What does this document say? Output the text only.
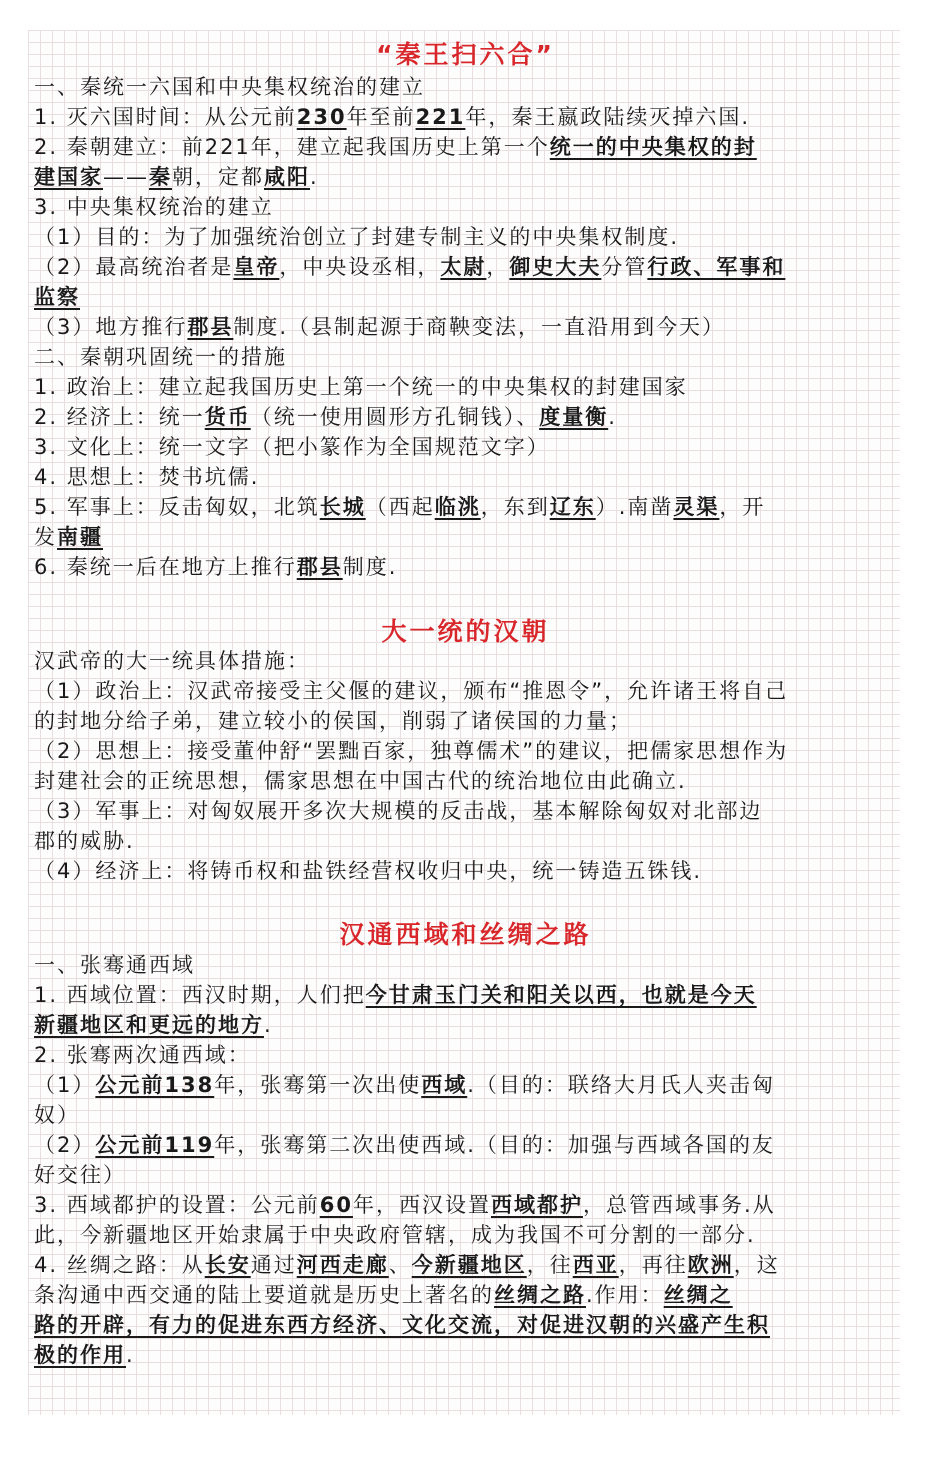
“秦王扫六合”
一、秦统一六国和中央集权统治的建立
1. 灭六国时间：从公元前230年至前221年，秦王嬴政陆续灭掉六国.
2. 秦朝建立：前221年，建立起我国历史上第一个统一的中央集权的封
建国家——秦朝，定都咸阳.
3. 中央集权统治的建立
（1）目的：为了加强统治创立了封建专制主义的中央集权制度.
（2）最高统治者是皇帝，中央设丞相，太尉，御史大夫分管行政、军事和
监察
（3）地方推行郡县制度.（县制起源于商鞅变法，一直沿用到今天）
二、秦朝巩固统一的措施
1. 政治上：建立起我国历史上第一个统一的中央集权的封建国家
2. 经济上：统一货币（统一使用圆形方孔铜钱）、度量衡.
3. 文化上：统一文字（把小篆作为全国规范文字）
4. 思想上：焚书坑儒.
5. 军事上：反击匈奴，北筑长城（西起临洮，东到辽东）.南凿灵渠，开
发南疆
6. 秦统一后在地方上推行郡县制度.
大一统的汉朝
汉武帝的大一统具体措施：
（1）政治上：汉武帝接受主父偃的建议，颁布“推恩令”，允许诸王将自己
的封地分给子弟，建立较小的侯国，削弱了诸侯国的力量；
（2）思想上：接受董仲舒“罢黜百家，独尊儒术”的建议，把儒家思想作为
封建社会的正统思想，儒家思想在中国古代的统治地位由此确立.
（3）军事上：对匈奴展开多次大规模的反击战，基本解除匈奴对北部边
郡的威胁.
（4）经济上：将铸币权和盐铁经营权收归中央，统一铸造五铢钱.
汉通西域和丝绸之路
一、张骞通西域
1. 西域位置：西汉时期，人们把今甘肃玉门关和阳关以西，也就是今天
新疆地区和更远的地方.
2. 张骞两次通西域：
（1）公元前138年，张骞第一次出使西域.（目的：联络大月氏人夹击匈
奴）
（2）公元前119年，张骞第二次出使西域.（目的：加强与西域各国的友
好交往）
3. 西域都护的设置：公元前60年，西汉设置西域都护，总管西域事务.从
此，今新疆地区开始隶属于中央政府管辖，成为我国不可分割的一部分.
4. 丝绸之路：从长安通过河西走廊、今新疆地区，往西亚，再往欧洲，这
条沟通中西交通的陆上要道就是历史上著名的丝绸之路.作用：丝绸之
路的开辟，有力的促进东西方经济、文化交流，对促进汉朝的兴盛产生积
极的作用.
